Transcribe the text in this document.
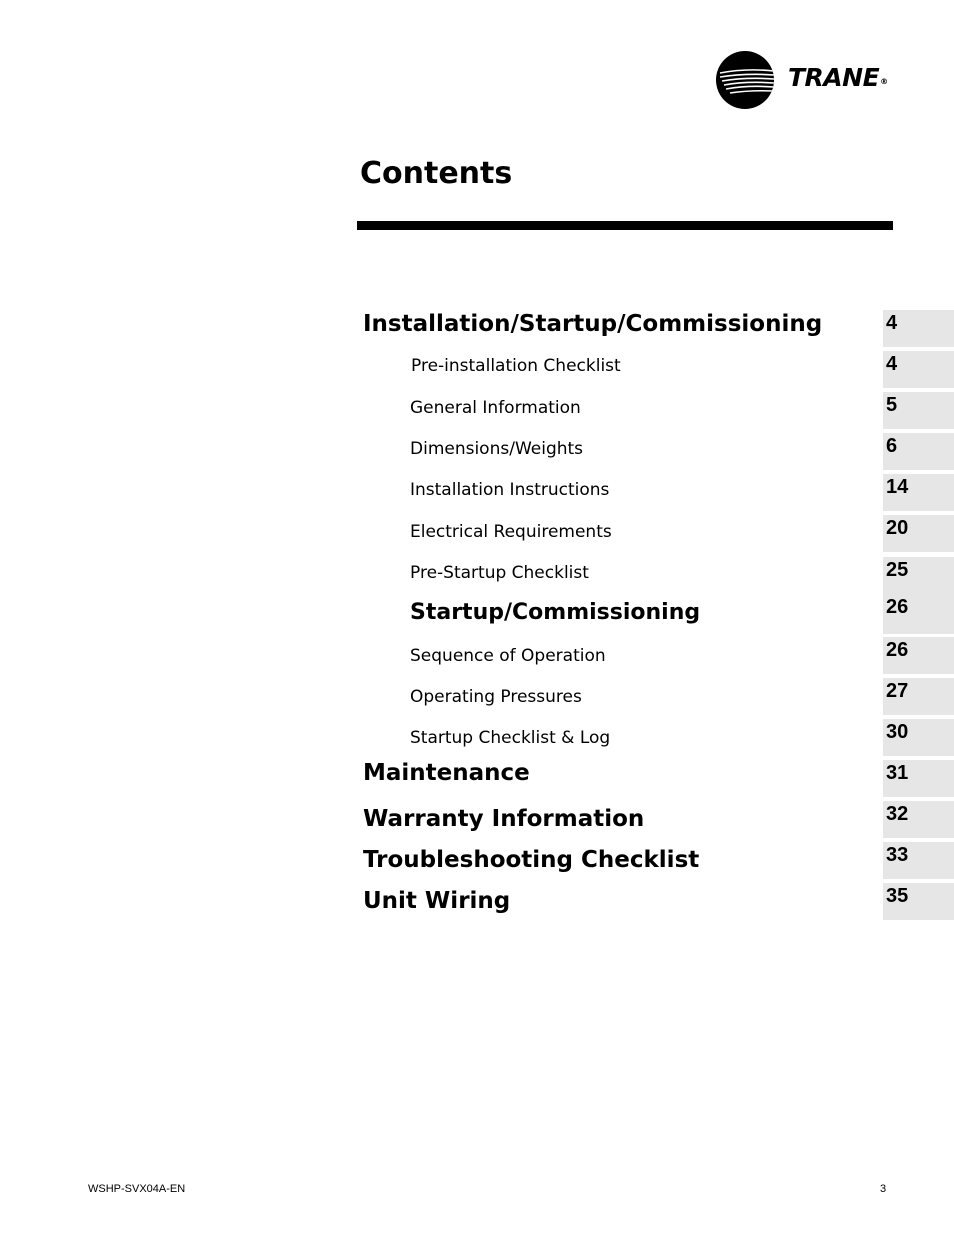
TRANE®
Contents
Installation/Startup/Commissioning	4
Pre-installation Checklist	4
General Information	5
Dimensions/Weights	6
Installation Instructions	14
Electrical Requirements	20
Pre-Startup Checklist	25
Startup/Commissioning	26
Sequence of Operation	26
Operating Pressures	27
Startup Checklist & Log	30
Maintenance	31
Warranty Information	32
Troubleshooting Checklist	33
Unit Wiring	35
WSHP-SVX04A-EN	3
